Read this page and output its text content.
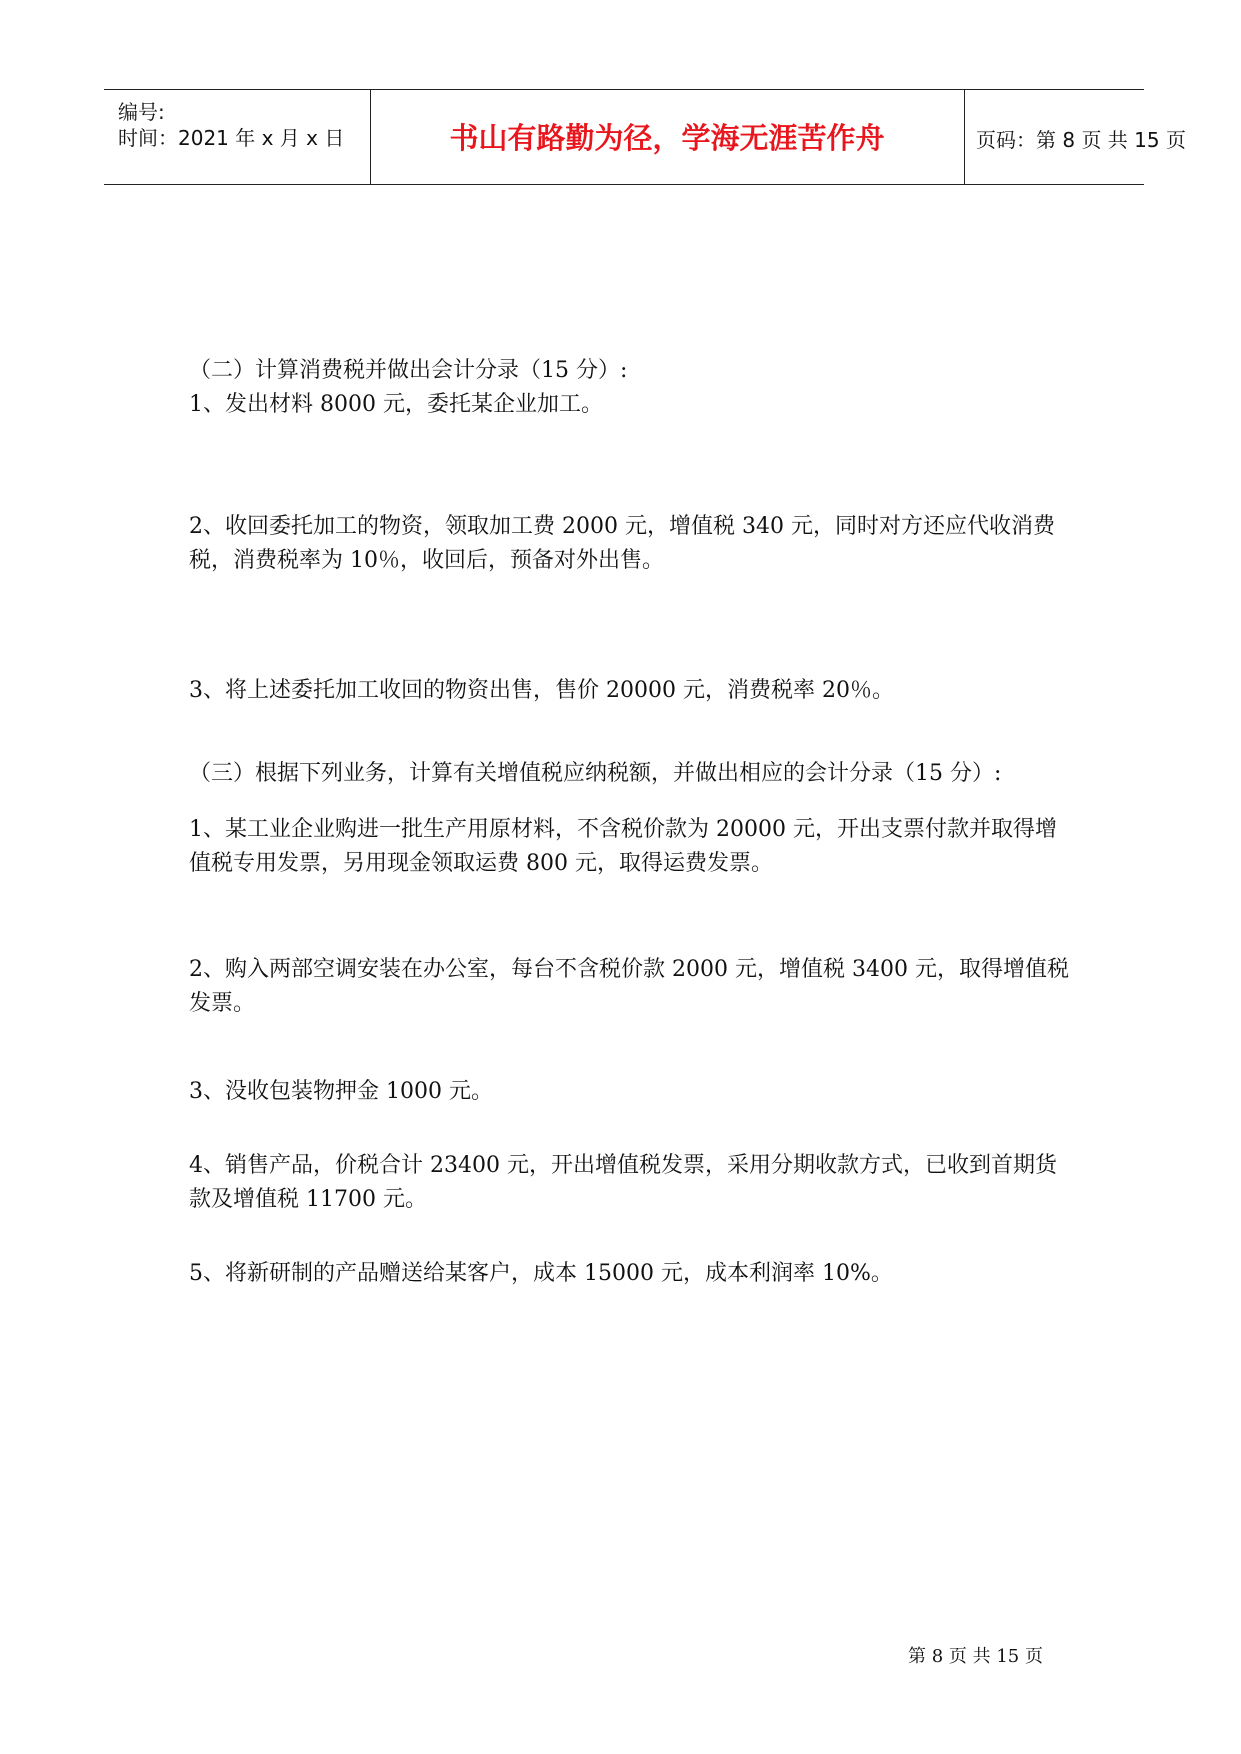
编号:
时间：2021 年 x 月 x 日	书山有路勤为径，学海无涯苦作舟	页码：第 8 页 共 15 页

（二）计算消费税并做出会计分录（15 分）:

1、发出材料 8000 元，委托某企业加工。

2、收回委托加工的物资，领取加工费 2000 元，增值税 340 元，同时对方还应代收消费税，消费税率为 10％，收回后，预备对外出售。

3、将上述委托加工收回的物资出售，售价 20000 元，消费税率 20％。

（三）根据下列业务，计算有关增值税应纳税额，并做出相应的会计分录（15 分）:

1、某工业企业购进一批生产用原材料，不含税价款为 20000 元，开出支票付款并取得增值税专用发票，另用现金领取运费 800 元，取得运费发票。

2、购入两部空调安装在办公室，每台不含税价款 2000 元，增值税 3400 元，取得增值税发票。

3、没收包装物押金 1000 元。

4、销售产品，价税合计 23400 元，开出增值税发票，采用分期收款方式，已收到首期货款及增值税 11700 元。

5、将新研制的产品赠送给某客户，成本 15000 元，成本利润率 10%。

第 8 页 共 15 页
